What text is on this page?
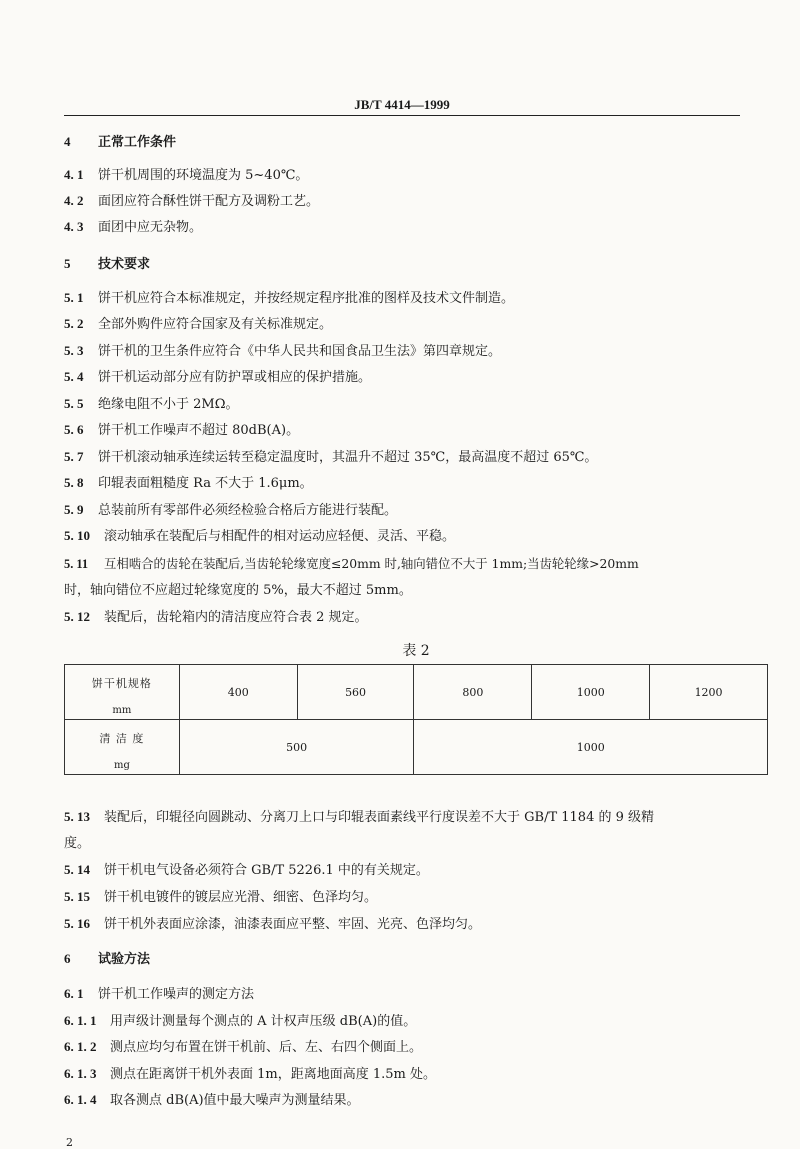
JB/T 4414—1999
4 正常工作条件
4. 1 饼干机周围的环境温度为 5~40℃。
4. 2 面团应符合酥性饼干配方及调粉工艺。
4. 3 面团中应无杂物。
5 技术要求
5. 1 饼干机应符合本标准规定，并按经规定程序批准的图样及技术文件制造。
5. 2 全部外购件应符合国家及有关标准规定。
5. 3 饼干机的卫生条件应符合《中华人民共和国食品卫生法》第四章规定。
5. 4 饼干机运动部分应有防护罩或相应的保护措施。
5. 5 绝缘电阻不小于 2MΩ。
5. 6 饼干机工作噪声不超过 80dB(A)。
5. 7 饼干机滚动轴承连续运转至稳定温度时，其温升不超过 35℃，最高温度不超过 65℃。
5. 8 印辊表面粗糙度 Ra 不大于 1.6μm。
5. 9 总装前所有零部件必须经检验合格后方能进行装配。
5. 10 滚动轴承在装配后与相配件的相对运动应轻便、灵活、平稳。
5. 11 互相啮合的齿轮在装配后,当齿轮轮缘宽度≤20mm 时,轴向错位不大于 1mm;当齿轮轮缘>20mm
时，轴向错位不应超过轮缘宽度的 5%，最大不超过 5mm。
5. 12 装配后，齿轮箱内的清洁度应符合表 2 规定。
表 2
饼干机规格
mm	400	560	800	1000	1200

清 洁 度
mg	500		1000		
5. 13 装配后，印辊径向圆跳动、分离刀上口与印辊表面素线平行度误差不大于 GB/T 1184 的 9 级精
度。
5. 14 饼干机电气设备必须符合 GB/T 5226.1 中的有关规定。
5. 15 饼干机电镀件的镀层应光滑、细密、色泽均匀。
5. 16 饼干机外表面应涂漆，油漆表面应平整、牢固、光亮、色泽均匀。
6 试验方法
6. 1 饼干机工作噪声的测定方法
6. 1. 1 用声级计测量每个测点的 A 计权声压级 dB(A)的值。
6. 1. 2 测点应均匀布置在饼干机前、后、左、右四个侧面上。
6. 1. 3 测点在距离饼干机外表面 1m，距离地面高度 1.5m 处。
6. 1. 4 取各测点 dB(A)值中最大噪声为测量结果。
2
